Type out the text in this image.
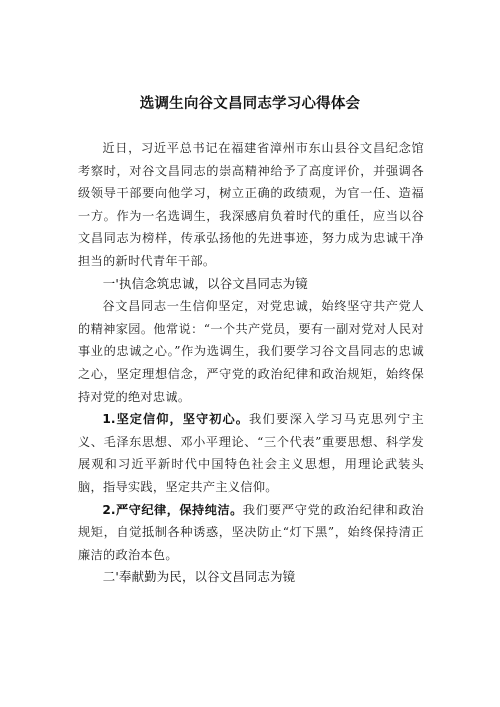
选调生向谷文昌同志学习心得体会

近日，习近平总书记在福建省漳州市东山县谷文昌纪念馆考察时，对谷文昌同志的崇高精神给予了高度评价，并强调各级领导干部要向他学习，树立正确的政绩观，为官一任、造福一方。作为一名选调生，我深感肩负着时代的重任，应当以谷文昌同志为榜样，传承弘扬他的先进事迹，努力成为忠诚干净担当的新时代青年干部。

一'执信念筑忠诚，以谷文昌同志为镜

谷文昌同志一生信仰坚定，对党忠诚，始终坚守共产党人的精神家园。他常说：“一个共产党员，要有一副对党对人民对事业的忠诚之心。”作为选调生，我们要学习谷文昌同志的忠诚之心，坚定理想信念，严守党的政治纪律和政治规矩，始终保持对党的绝对忠诚。

1.坚定信仰，坚守初心。我们要深入学习马克思列宁主义、毛泽东思想、邓小平理论、“三个代表”重要思想、科学发展观和习近平新时代中国特色社会主义思想，用理论武装头脑，指导实践，坚定共产主义信仰。

2.严守纪律，保持纯洁。我们要严守党的政治纪律和政治规矩，自觉抵制各种诱惑，坚决防止“灯下黑”，始终保持清正廉洁的政治本色。

二'奉献勤为民，以谷文昌同志为镜
